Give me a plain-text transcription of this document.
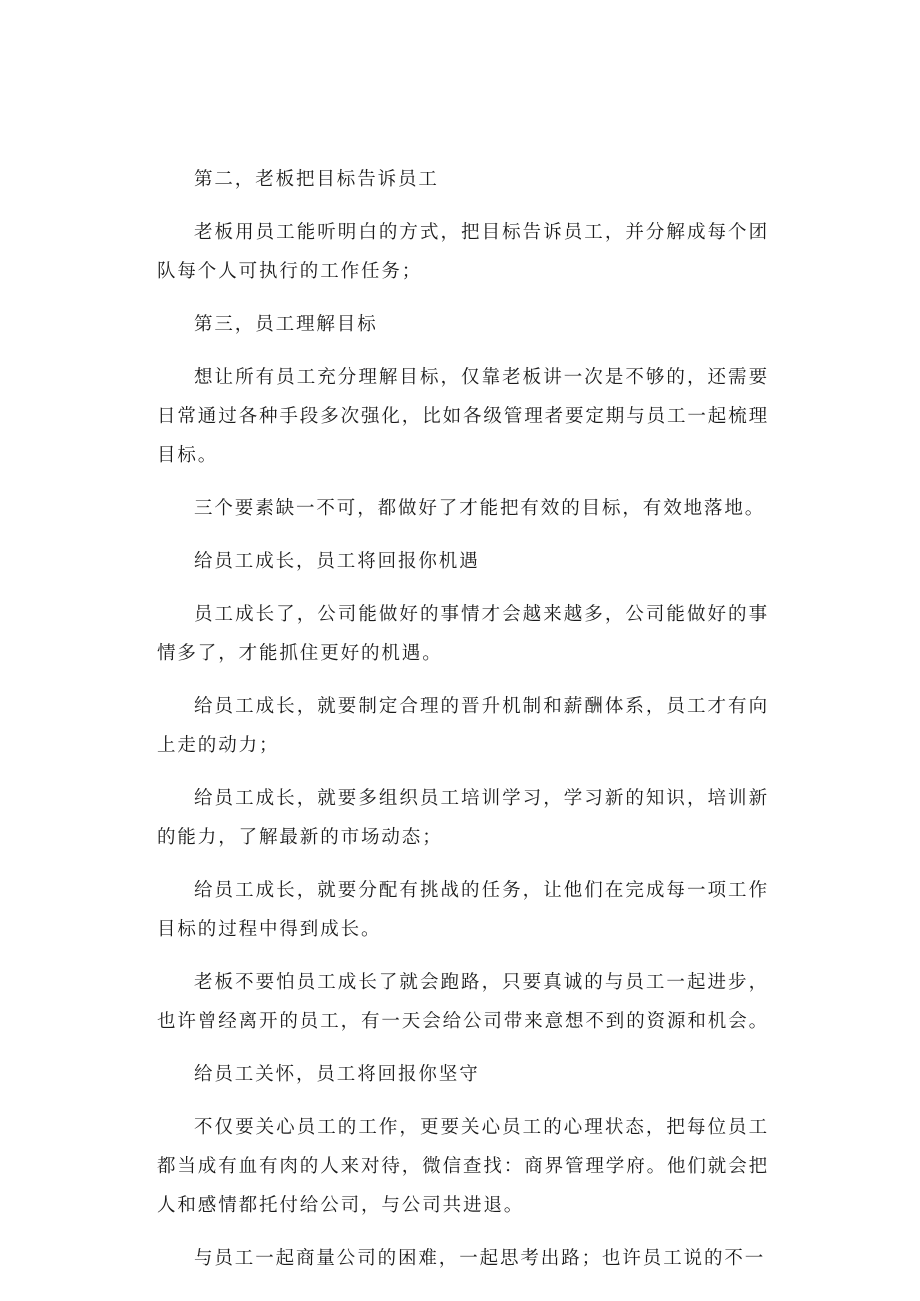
第二，老板把目标告诉员工

老板用员工能听明白的方式，把目标告诉员工，并分解成每个团队每个人可执行的工作任务；

第三，员工理解目标

想让所有员工充分理解目标，仅靠老板讲一次是不够的，还需要日常通过各种手段多次强化，比如各级管理者要定期与员工一起梳理目标。

三个要素缺一不可，都做好了才能把有效的目标，有效地落地。

给员工成长，员工将回报你机遇

员工成长了，公司能做好的事情才会越来越多，公司能做好的事情多了，才能抓住更好的机遇。

给员工成长，就要制定合理的晋升机制和薪酬体系，员工才有向上走的动力；

给员工成长，就要多组织员工培训学习，学习新的知识，培训新的能力，了解最新的市场动态；

给员工成长，就要分配有挑战的任务，让他们在完成每一项工作目标的过程中得到成长。

老板不要怕员工成长了就会跑路，只要真诚的与员工一起进步，也许曾经离开的员工，有一天会给公司带来意想不到的资源和机会。

给员工关怀，员工将回报你坚守

不仅要关心员工的工作，更要关心员工的心理状态，把每位员工都当成有血有肉的人来对待，微信查找：商界管理学府。他们就会把人和感情都托付给公司，与公司共进退。

与员工一起商量公司的困难，一起思考出路；也许员工说的不一
